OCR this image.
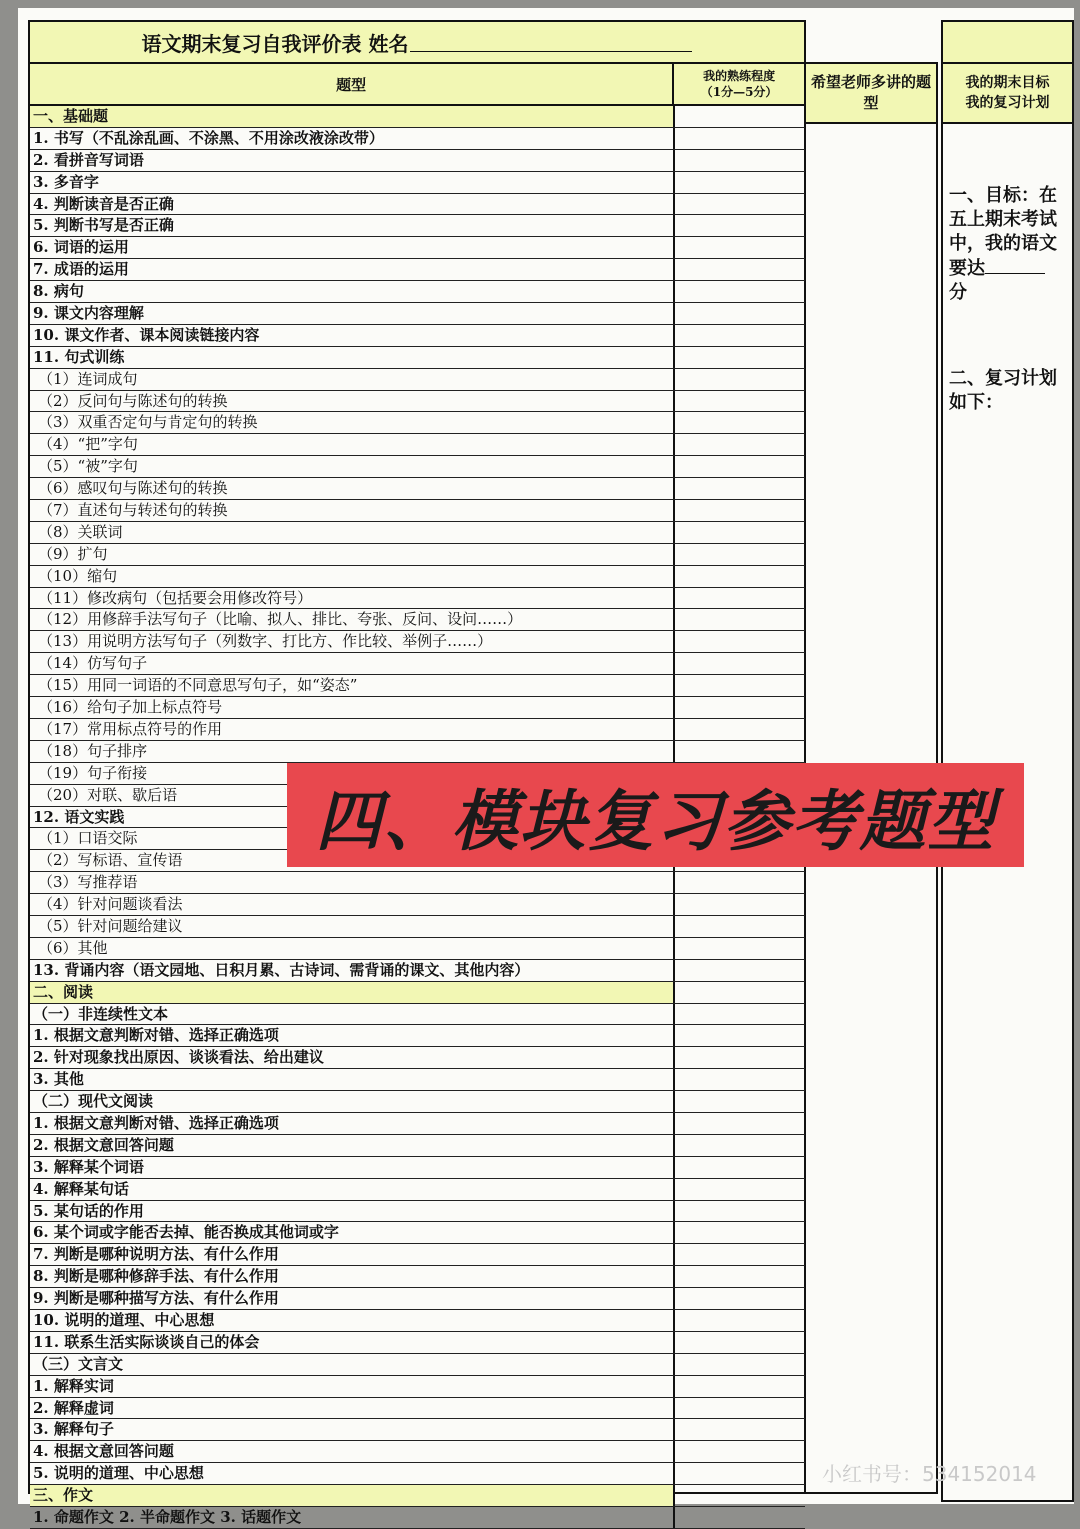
语文期末复习自我评价表 姓名
题型	我的熟练程度
（1分—5分）
一、基础题
1. 书写（不乱涂乱画、不涂黑、不用涂改液涂改带）
2. 看拼音写词语
3. 多音字
4. 判断读音是否正确
5. 判断书写是否正确
6. 词语的运用
7. 成语的运用
8. 病句
9. 课文内容理解
10. 课文作者、课本阅读链接内容
11. 句式训练
（1）连词成句
（2）反问句与陈述句的转换
（3）双重否定句与肯定句的转换
（4）“把”字句
（5）“被”字句
（6）感叹句与陈述句的转换
（7）直述句与转述句的转换
（8）关联词
（9）扩句
（10）缩句
（11）修改病句（包括要会用修改符号）
（12）用修辞手法写句子（比喻、拟人、排比、夸张、反问、设问……）
（13）用说明方法写句子（列数字、打比方、作比较、举例子……）
（14）仿写句子
（15）用同一词语的不同意思写句子，如“姿态”
（16）给句子加上标点符号
（17）常用标点符号的作用
（18）句子排序
（19）句子衔接
（20）对联、歇后语
12. 语文实践
（1）口语交际
（2）写标语、宣传语
（3）写推荐语
（4）针对问题谈看法
（5）针对问题给建议
（6）其他
13. 背诵内容（语文园地、日积月累、古诗词、需背诵的课文、其他内容）
二、阅读
（一）非连续性文本
1. 根据文意判断对错、选择正确选项
2. 针对现象找出原因、谈谈看法、给出建议
3. 其他
（二）现代文阅读
1. 根据文意判断对错、选择正确选项
2. 根据文意回答问题
3. 解释某个词语
4. 解释某句话
5. 某句话的作用
6. 某个词或字能否去掉、能否换成其他词或字
7. 判断是哪种说明方法、有什么作用
8. 判断是哪种修辞手法、有什么作用
9. 判断是哪种描写方法、有什么作用
10. 说明的道理、中心思想
11. 联系生活实际谈谈自己的体会
（三）文言文
1. 解释实词
2. 解释虚词
3. 解释句子
4. 根据文意回答问题
5. 说明的道理、中心思想
三、作文
1. 命题作文 2. 半命题作文 3. 话题作文
希望老师多讲的题型
我的期末目标
我的复习计划

一、目标：在五上期末考试中，我的语文要达
分

二、复习计划如下：

四、模块复习参考题型
小红书号：534152014
